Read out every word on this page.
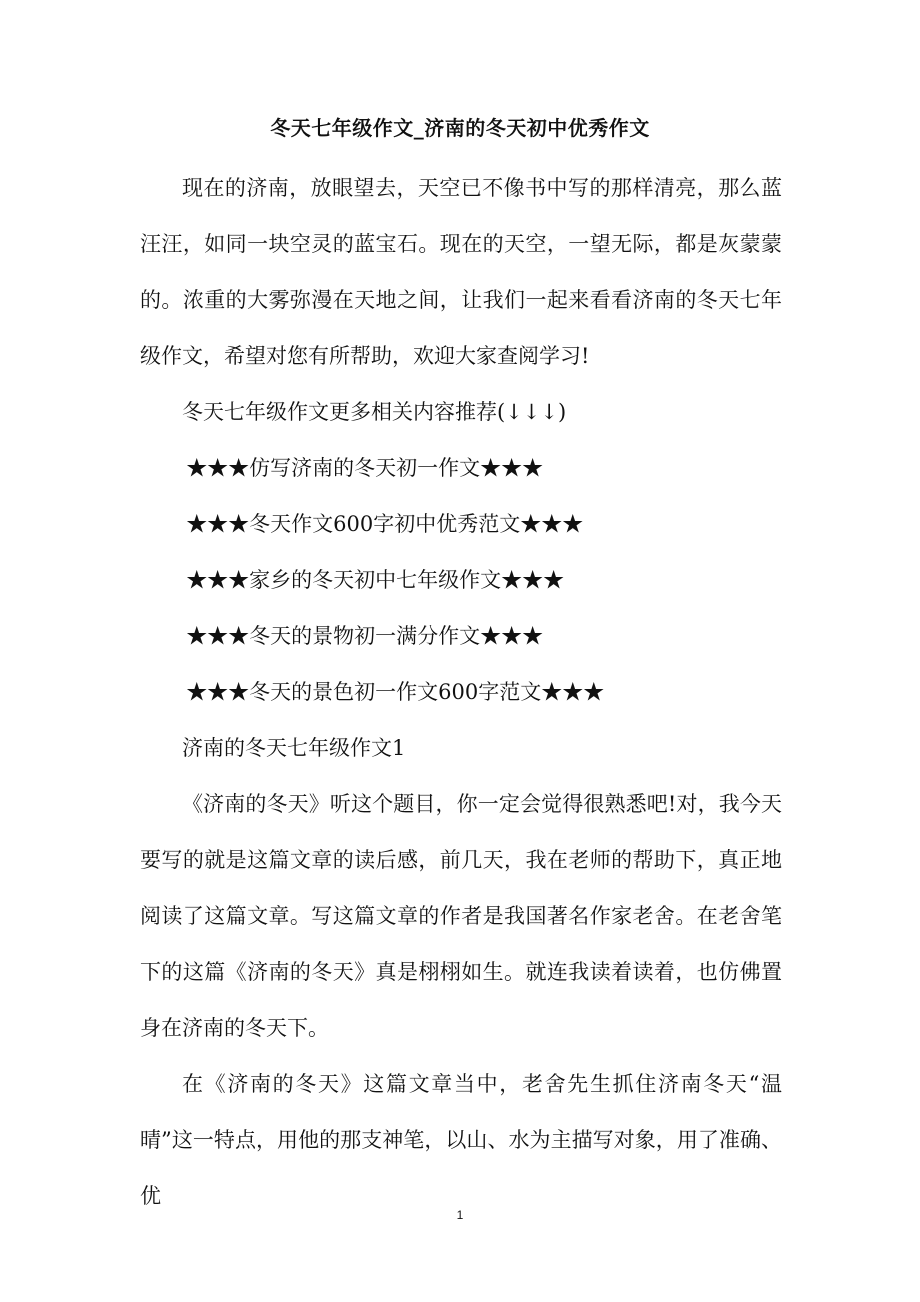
冬天七年级作文_济南的冬天初中优秀作文

现在的济南，放眼望去，天空已不像书中写的那样清亮，那么蓝汪汪，如同一块空灵的蓝宝石。现在的天空，一望无际，都是灰蒙蒙的。浓重的大雾弥漫在天地之间，让我们一起来看看济南的冬天七年级作文，希望对您有所帮助，欢迎大家查阅学习!

冬天七年级作文更多相关内容推荐(↓↓↓)

★★★仿写济南的冬天初一作文★★★

★★★冬天作文600字初中优秀范文★★★

★★★家乡的冬天初中七年级作文★★★

★★★冬天的景物初一满分作文★★★

★★★冬天的景色初一作文600字范文★★★

济南的冬天七年级作文1

《济南的冬天》听这个题目，你一定会觉得很熟悉吧!对，我今天要写的就是这篇文章的读后感，前几天，我在老师的帮助下，真正地阅读了这篇文章。写这篇文章的作者是我国著名作家老舍。在老舍笔下的这篇《济南的冬天》真是栩栩如生。就连我读着读着，也仿佛置身在济南的冬天下。

在《济南的冬天》这篇文章当中，老舍先生抓住济南冬天“温晴”这一特点，用他的那支神笔，以山、水为主描写对象，用了准确、优

1
